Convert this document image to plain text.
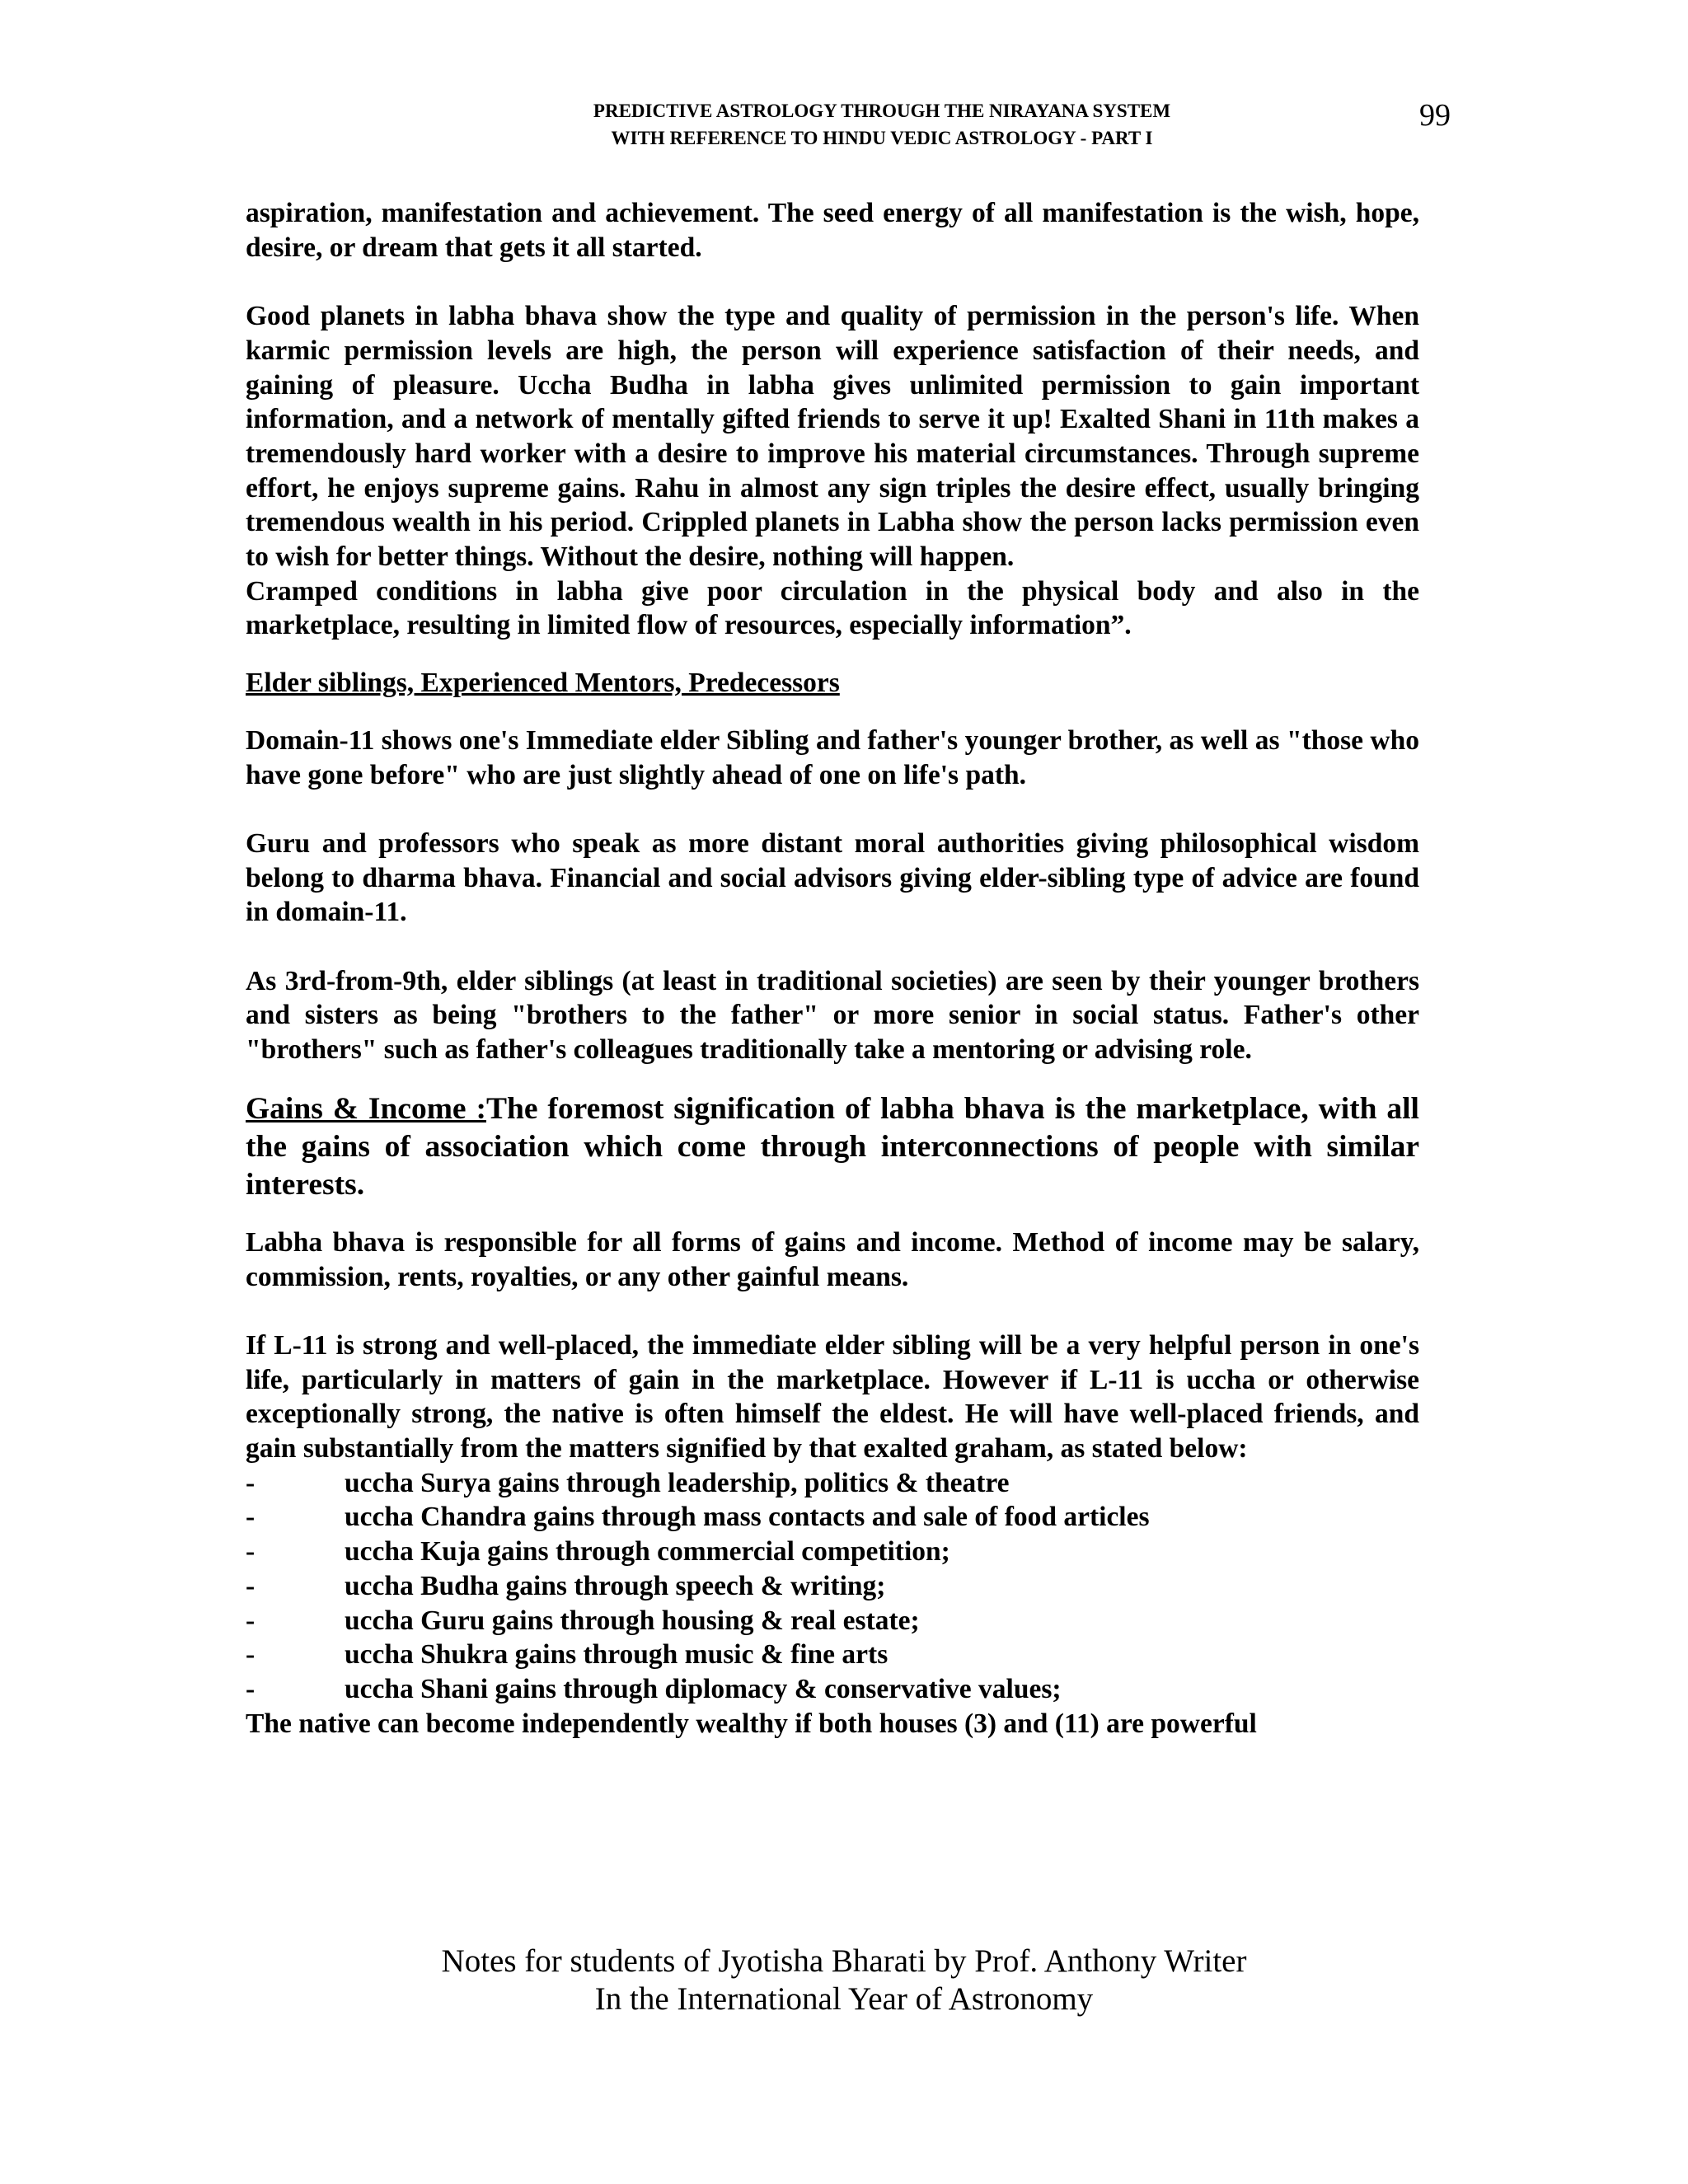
PREDICTIVE ASTROLOGY THROUGH THE NIRAYANA SYSTEM
WITH REFERENCE TO HINDU VEDIC ASTROLOGY - PART I
99

aspiration, manifestation and achievement. The seed energy of all manifestation is the wish, hope, desire, or dream that gets it all started.

Good planets in labha bhava show the type and quality of permission in the person's life. When karmic permission levels are high, the person will experience satisfaction of their needs, and gaining of pleasure. Uccha Budha in labha gives unlimited permission to gain important information, and a network of mentally gifted friends to serve it up! Exalted Shani in 11th makes a tremendously hard worker with a desire to improve his material circumstances. Through supreme effort, he enjoys supreme gains. Rahu in almost any sign triples the desire effect, usually bringing tremendous wealth in his period. Crippled planets in Labha show the person lacks permission even to wish for better things. Without the desire, nothing will happen.

Cramped conditions in labha give poor circulation in the physical body and also in the marketplace, resulting in limited flow of resources, especially information”.

Elder siblings, Experienced Mentors, Predecessors

Domain-11 shows one's Immediate elder Sibling and father's younger brother, as well as "those who have gone before" who are just slightly ahead of one on life's path.

Guru and professors who speak as more distant moral authorities giving philosophical wisdom belong to dharma bhava. Financial and social advisors giving elder-sibling type of advice are found in domain-11.

As 3rd-from-9th, elder siblings (at least in traditional societies) are seen by their younger brothers and sisters as being "brothers to the father" or more senior in social status. Father's other "brothers" such as father's colleagues traditionally take a mentoring or advising role.

Gains & Income :The foremost signification of labha bhava is the marketplace, with all the gains of association which come through interconnections of people with similar interests.

Labha bhava is responsible for all forms of gains and income. Method of income may be salary, commission, rents, royalties, or any other gainful means.

If L-11 is strong and well-placed, the immediate elder sibling will be a very helpful person in one's life, particularly in matters of gain in the marketplace. However if L-11 is uccha or otherwise exceptionally strong, the native is often himself the eldest. He will have well-placed friends, and gain substantially from the matters signified by that exalted graham, as stated below:

-	uccha Surya gains through leadership, politics & theatre
-	uccha Chandra gains through mass contacts and sale of food articles
-	uccha Kuja gains through commercial competition;
-	uccha Budha gains through speech & writing;
-	uccha Guru gains through housing & real estate;
-	uccha Shukra gains through music & fine arts
-	uccha Shani gains through diplomacy & conservative values;

The native can become independently wealthy if both houses (3) and (11) are powerful

Notes for students of Jyotisha Bharati by Prof. Anthony Writer
In the International Year of Astronomy
